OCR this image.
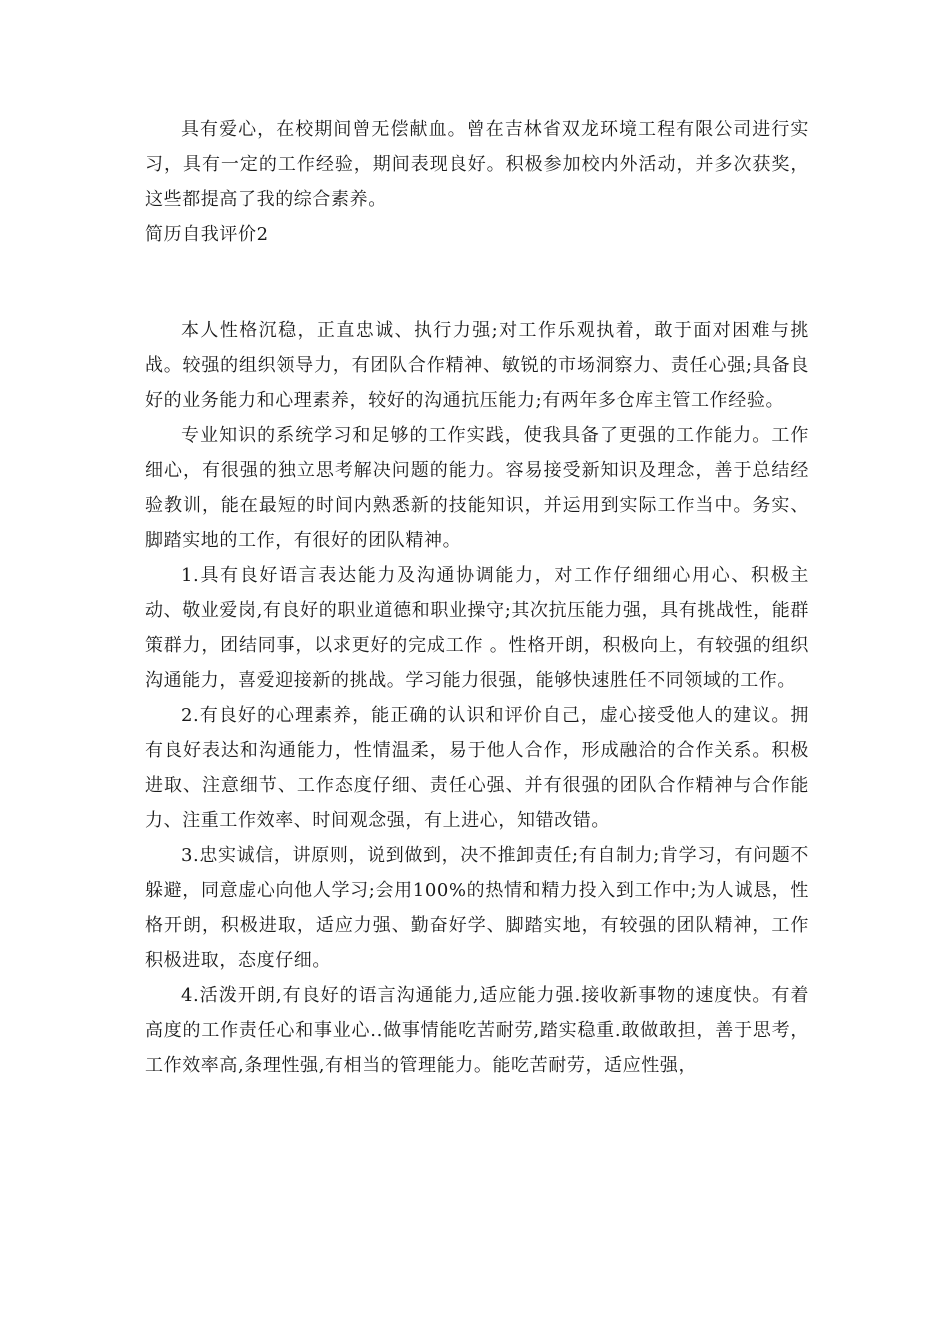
具有爱心，在校期间曾无偿献血。曾在吉林省双龙环境工程有限公司进行实习，具有一定的工作经验，期间表现良好。积极参加校内外活动，并多次获奖，这些都提高了我的综合素养。

简历自我评价2

本人性格沉稳，正直忠诚、执行力强;对工作乐观执着，敢于面对困难与挑战。较强的组织领导力，有团队合作精神、敏锐的市场洞察力、责任心强;具备良好的业务能力和心理素养，较好的沟通抗压能力;有两年多仓库主管工作经验。

专业知识的系统学习和足够的工作实践，使我具备了更强的工作能力。工作细心，有很强的独立思考解决问题的能力。容易接受新知识及理念，善于总结经验教训，能在最短的时间内熟悉新的技能知识，并运用到实际工作当中。务实、脚踏实地的工作，有很好的团队精神。

1.具有良好语言表达能力及沟通协调能力，对工作仔细细心用心、积极主动、敬业爱岗,有良好的职业道德和职业操守;其次抗压能力强，具有挑战性，能群策群力，团结同事，以求更好的完成工作 。性格开朗，积极向上，有较强的组织沟通能力，喜爱迎接新的挑战。学习能力很强，能够快速胜任不同领域的工作。

2.有良好的心理素养，能正确的认识和评价自己，虚心接受他人的建议。拥有良好表达和沟通能力，性情温柔，易于他人合作，形成融洽的合作关系。积极进取、注意细节、工作态度仔细、责任心强、并有很强的团队合作精神与合作能力、注重工作效率、时间观念强，有上进心，知错改错。

3.忠实诚信，讲原则，说到做到，决不推卸责任;有自制力;肯学习，有问题不躲避，同意虚心向他人学习;会用100%的热情和精力投入到工作中;为人诚恳，性格开朗，积极进取，适应力强、勤奋好学、脚踏实地，有较强的团队精神，工作积极进取，态度仔细。

4.活泼开朗,有良好的语言沟通能力,适应能力强.接收新事物的速度快。有着高度的工作责任心和事业心..做事情能吃苦耐劳,踏实稳重.敢做敢担，善于思考，工作效率高,条理性强,有相当的管理能力。能吃苦耐劳，适应性强，
